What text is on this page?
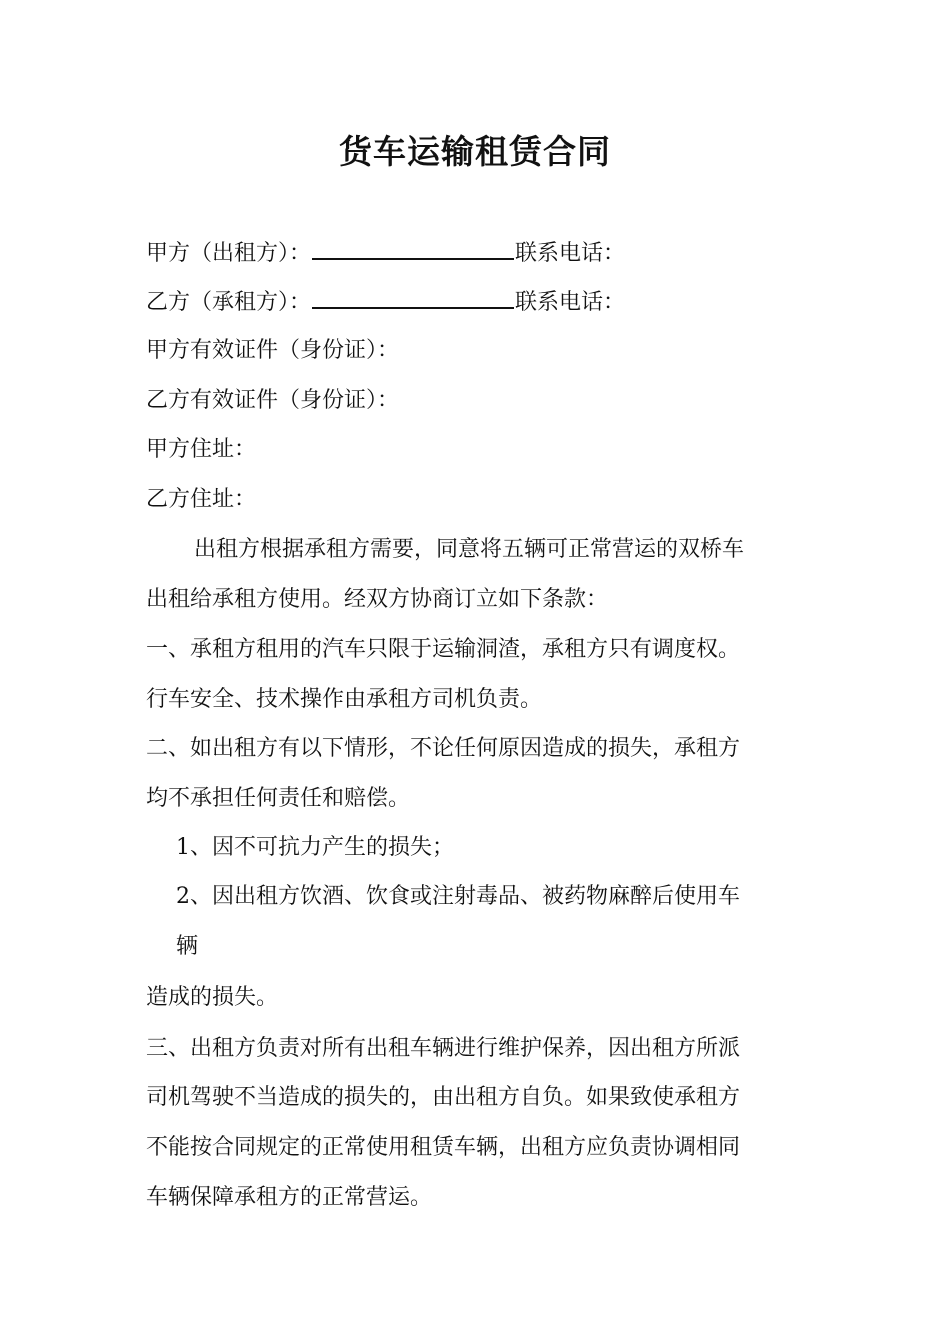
货车运输租赁合同
甲方（出租方）：	联系电话：
乙方（承租方）：	联系电话：
甲方有效证件（身份证）：
乙方有效证件（身份证）：
甲方住址：
乙方住址：
出租方根据承租方需要，同意将五辆可正常营运的双桥车
出租给承租方使用。经双方协商订立如下条款：
一、承租方租用的汽车只限于运输洞渣，承租方只有调度权。
行车安全、技术操作由承租方司机负责。
二、如出租方有以下情形，不论任何原因造成的损失，承租方
均不承担任何责任和赔偿。
1、因不可抗力产生的损失；
2、因出租方饮酒、饮食或注射毒品、被药物麻醉后使用车
辆
造成的损失。
三、出租方负责对所有出租车辆进行维护保养，因出租方所派
司机驾驶不当造成的损失的，由出租方自负。如果致使承租方
不能按合同规定的正常使用租赁车辆，出租方应负责协调相同
车辆保障承租方的正常营运。
